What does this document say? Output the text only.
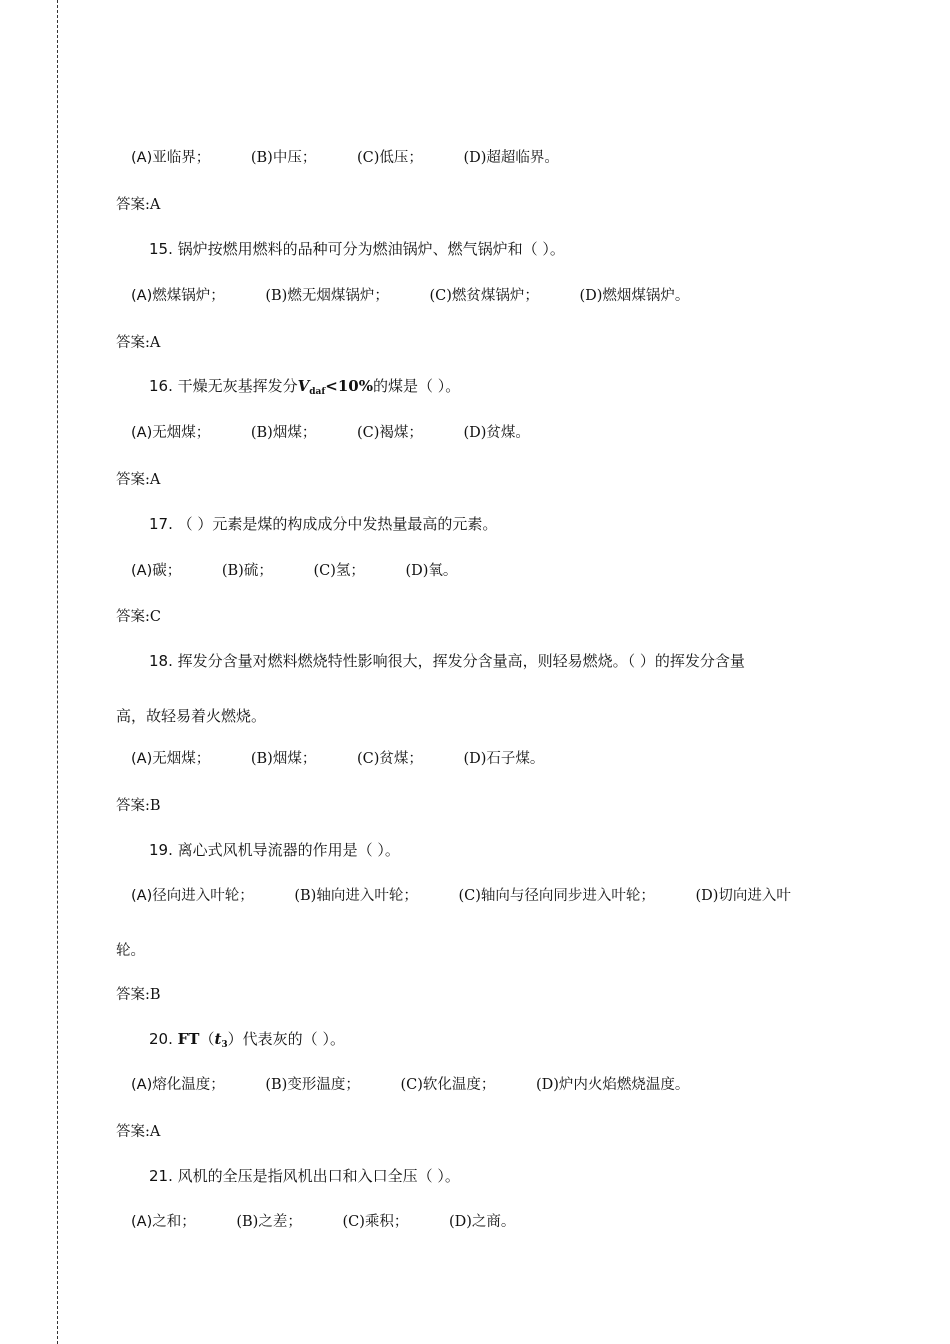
(A)亚临界；	(B)中压；	(C)低压；	(D)超超临界。
答案:A
15. 锅炉按燃用燃料的品种可分为燃油锅炉、燃气锅炉和（ ）。
(A)燃煤锅炉；	(B)燃无烟煤锅炉；	(C)燃贫煤锅炉；	(D)燃烟煤锅炉。
答案:A
16. 干燥无灰基挥发分$V_{daf}<10\%$的煤是（ ）。
(A)无烟煤；	(B)烟煤；	(C)褐煤；	(D)贫煤。
答案:A
17. （ ）元素是煤的构成成分中发热量最高的元素。
(A)碳；	(B)硫；	(C)氢；	(D)氧。
答案:C
18. 挥发分含量对燃料燃烧特性影响很大，挥发分含量高，则轻易燃烧。（ ）的挥发分含量
高，故轻易着火燃烧。
(A)无烟煤；	(B)烟煤；	(C)贫煤；	(D)石子煤。
答案:B
19. 离心式风机导流器的作用是（ ）。
(A)径向进入叶轮；	(B)轴向进入叶轮；	(C)轴向与径向同步进入叶轮；	(D)切向进入叶
轮。
答案:B
20. $FT(t_3)$代表灰的（ ）。
(A)熔化温度；	(B)变形温度；	(C)软化温度；	(D)炉内火焰燃烧温度。
答案:A
21. 风机的全压是指风机出口和入口全压（ ）。
(A)之和；	(B)之差；	(C)乘积；	(D)之商。
